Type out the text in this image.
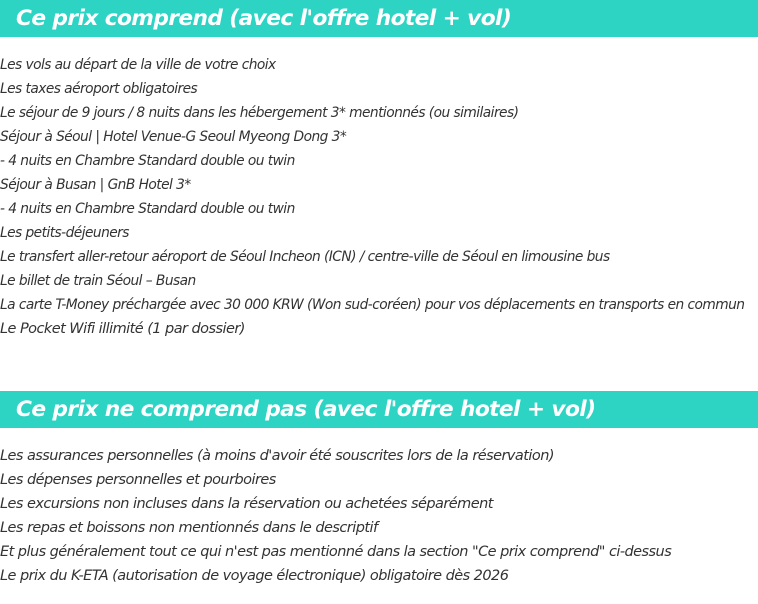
Ce prix comprend (avec l'offre hotel + vol)
Les vols au départ de la ville de votre choix
Les taxes aéroport obligatoires
Le séjour de 9 jours / 8 nuits dans les hébergement 3* mentionnés (ou similaires)
Séjour à Séoul | Hotel Venue-G Seoul Myeong Dong 3*
- 4 nuits en Chambre Standard double ou twin
Séjour à Busan | GnB Hotel 3*
- 4 nuits en Chambre Standard double ou twin
Les petits-déjeuners
Le transfert aller-retour aéroport de Séoul Incheon (ICN) / centre-ville de Séoul en limousine bus
Le billet de train Séoul – Busan
La carte T-Money préchargée avec 30 000 KRW (Won sud-coréen) pour vos déplacements en transports en commun
Le Pocket Wifi illimité (1 par dossier)
Ce prix ne comprend pas (avec l'offre hotel + vol)
Les assurances personnelles (à moins d'avoir été souscrites lors de la réservation)
Les dépenses personnelles et pourboires
Les excursions non incluses dans la réservation ou achetées séparément
Les repas et boissons non mentionnés dans le descriptif
Et plus généralement tout ce qui n'est pas mentionné dans la section "Ce prix comprend" ci-dessus
Le prix du K-ETA (autorisation de voyage électronique) obligatoire dès 2026
